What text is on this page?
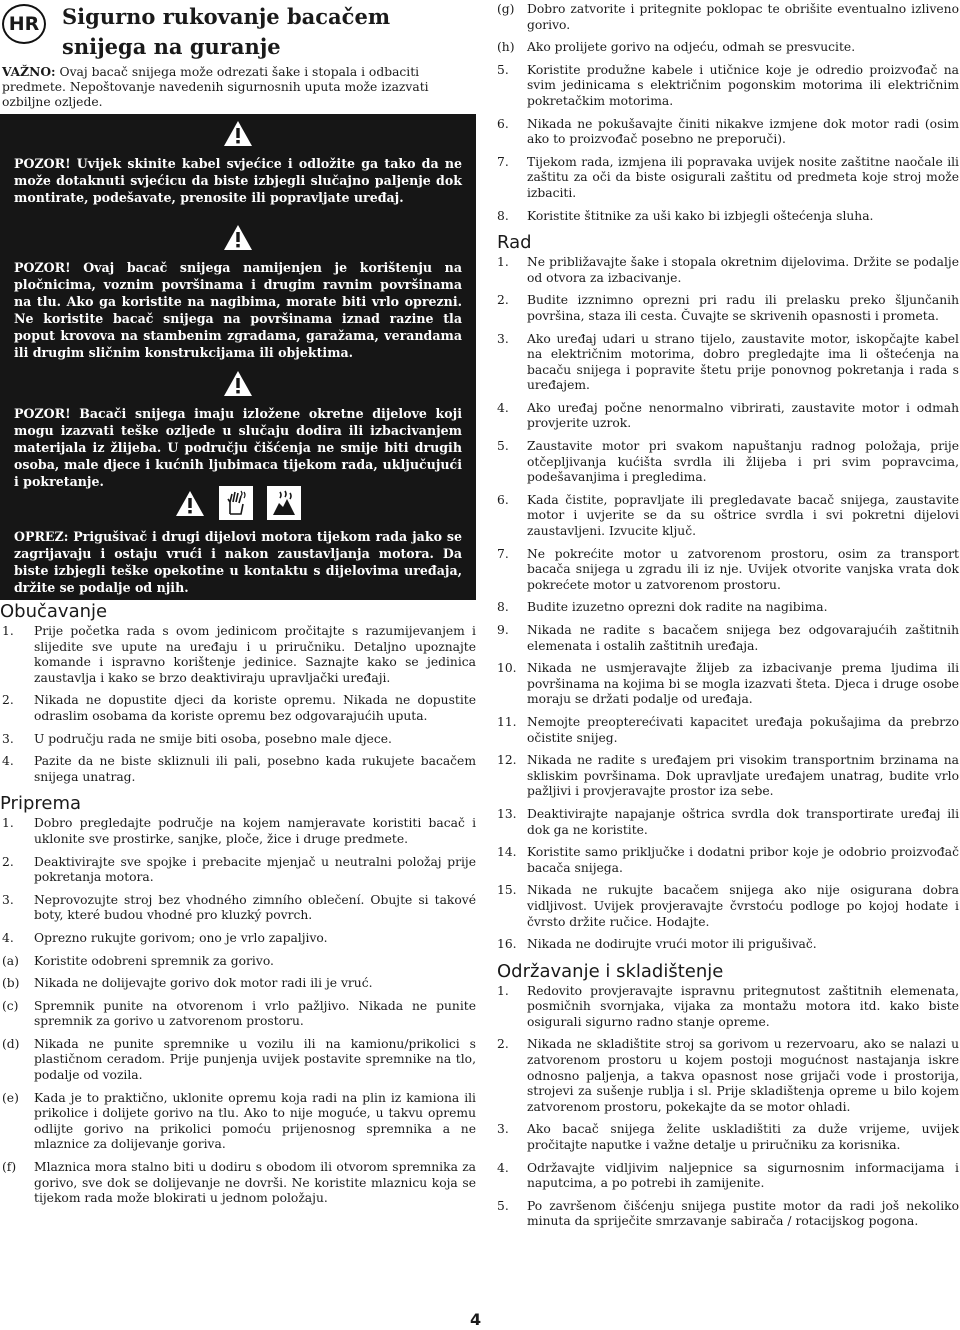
HR	Sigurno rukovanje bacačem snijega na guranje

VAŽNO: Ovaj bacač snijega može odrezati šake i stopala i odbaciti predmete. Nepoštovanje navedenih sigurnosnih uputa može izazvati ozbiljne ozljede.

POZOR! Uvijek skinite kabel svjećice i odložite ga tako da ne može dotaknuti svjećicu da biste izbjegli slučajno paljenje dok montirate, podešavate, prenosite ili popravljate uređaj.
POZOR! Ovaj bacač snijega namijenjen je korištenju na pločnicima, voznim površinama i drugim ravnim površinama na tlu. Ako ga koristite na nagibima, morate biti vrlo oprezni. Ne koristite bacač snijega na površinama iznad razine tla poput krovova na stambenim zgradama, garažama, verandama ili drugim sličnim konstrukcijama ili objektima.
POZOR! Bacači snijega imaju izložene okretne dijelove koji mogu izazvati teške ozljede u slučaju dodira ili izbacivanjem materijala iz žlijeba. U području čišćenja ne smije biti drugih osoba, male djece i kućnih ljubimaca tijekom rada, uključujući i pokretanje.
OPREZ: Prigušivač i drugi dijelovi motora tijekom rada jako se zagrijavaju i ostaju vrući i nakon zaustavljanja motora. Da biste izbjegli teške opekotine u kontaktu s dijelovima uređaja, držite se podalje od njih.
Obučavanje
1. Prije početka rada s ovom jedinicom pročitajte s razumijevanjem i slijedite sve upute na uređaju i u priručniku. Detaljno upoznajte komande i ispravno korištenje jedinice. Saznajte kako se jedinica zaustavlja i kako se brzo deaktiviraju upravljački uređaji.
2. Nikada ne dopustite djeci da koriste opremu. Nikada ne dopustite odraslim osobama da koriste opremu bez odgovarajućih uputa.
3. U području rada ne smije biti osoba, posebno male djece.
4. Pazite da ne biste skliznuli ili pali, posebno kada rukujete bacačem snijega unatrag.
Priprema
1. Dobro pregledajte područje na kojem namjeravate koristiti bacač i uklonite sve prostirke, sanjke, ploče, žice i druge predmete.
2. Deaktivirajte sve spojke i prebacite mjenjač u neutralni položaj prije pokretanja motora.
3. Neprovozujte stroj bez vhodného zimního oblečení. Obujte si takové boty, které budou vhodné pro kluzký povrch.
4. Oprezno rukujte gorivom; ono je vrlo zapaljivo.
(a) Koristite odobreni spremnik za gorivo.
(b) Nikada ne dolijevajte gorivo dok motor radi ili je vruć.
(c) Spremnik punite na otvorenom i vrlo pažljivo. Nikada ne punite spremnik za gorivo u zatvorenom prostoru.
(d) Nikada ne punite spremnike u vozilu ili na kamionu/prikolici s plastičnom ceradom. Prije punjenja uvijek postavite spremnike na tlo, podalje od vozila.
(e) Kada je to praktično, uklonite opremu koja radi na plin iz kamiona ili prikolice i dolijete gorivo na tlu. Ako to nije moguće, u takvu opremu odlijte gorivo na prikolici pomoću prijenosnog spremnika a ne mlaznice za dolijevanje goriva.
(f) Mlaznica mora stalno biti u dodiru s obodom ili otvorom spremnika za gorivo, sve dok se dolijevanje ne dovrši. Ne koristite mlaznicu koja se tijekom rada može blokirati u jednom položaju.
(g) Dobro zatvorite i pritegnite poklopac te obrišite eventualno izliveno gorivo.
(h) Ako prolijete gorivo na odjeću, odmah se presvucite.
5. Koristite produžne kabele i utičnice koje je odredio proizvođač na svim jedinicama s električnim pogonskim motorima ili električnim pokretačkim motorima.
6. Nikada ne pokušavajte činiti nikakve izmjene dok motor radi (osim ako to proizvođač posebno ne preporuči).
7. Tijekom rada, izmjena ili popravaka uvijek nosite zaštitne naočale ili zaštitu za oči da biste osigurali zaštitu od predmeta koje stroj može izbaciti.
8. Koristite štitnike za uši kako bi izbjegli oštećenja sluha.
Rad
1. Ne približavajte šake i stopala okretnim dijelovima. Držite se podalje od otvora za izbacivanje.
2. Budite izznimno oprezni pri radu ili prelasku preko šljunčanih površina, staza ili cesta. Čuvajte se skrivenih opasnosti i prometa.
3. Ako uređaj udari u strano tijelo, zaustavite motor, iskopčajte kabel na električnim motorima, dobro pregledajte ima li oštećenja na bacaču snijega i popravite štetu prije ponovnog pokretanja i rada s uređajem.
4. Ako uređaj počne nenormalno vibrirati, zaustavite motor i odmah provjerite uzrok.
5. Zaustavite motor pri svakom napuštanju radnog položaja, prije otčepljivanja kućišta svrdla ili žlijeba i pri svim popravcima, podešavanjima i pregledima.
6. Kada čistite, popravljate ili pregledavate bacač snijega, zaustavite motor i uvjerite se da su oštrice svrdla i svi pokretni dijelovi zaustavljeni. Izvucite ključ.
7. Ne pokrećite motor u zatvorenom prostoru, osim za transport bacača snijega u zgradu ili iz nje. Uvijek otvorite vanjska vrata dok pokrećete motor u zatvorenom prostoru.
8. Budite izuzetno oprezni dok radite na nagibima.
9. Nikada ne radite s bacačem snijega bez odgovarajućih zaštitnih elemenata i ostalih zaštitnih uređaja.
10. Nikada ne usmjeravajte žlijeb za izbacivanje prema ljudima ili površinama na kojima bi se mogla izazvati šteta. Djeca i druge osobe moraju se držati podalje od uređaja.
11. Nemojte preopterećivati kapacitet uređaja pokušajima da prebrzo očistite snijeg.
12. Nikada ne radite s uređajem pri visokim transportnim brzinama na skliskim površinama. Dok upravljate uređajem unatrag, budite vrlo pažljivi i provjeravajte prostor iza sebe.
13. Deaktivirajte napajanje oštrica svrdla dok transportirate uređaj ili dok ga ne koristite.
14. Koristite samo priključke i dodatni pribor koje je odobrio proizvođač bacača snijega.
15. Nikada ne rukujte bacačem snijega ako nije osigurana dobra vidljivost. Uvijek provjeravajte čvrstoću podloge po kojoj hodate i čvrsto držite ručice. Hodajte.
16. Nikada ne dodirujte vrući motor ili prigušivač.
Održavanje i skladištenje
1. Redovito provjeravajte ispravnu pritegnutost zaštitnih elemenata, posmičnih svornjaka, vijaka za montažu motora itd. kako biste osigurali sigurno radno stanje opreme.
2. Nikada ne skladištite stroj sa gorivom u rezervoaru, ako se nalazi u zatvorenom prostoru u kojem postoji mogućnost nastajanja iskre odnosno paljenja, a takva opasnost nose grijači vode i prostorija, strojevi za sušenje rublja i sl. Prije skladištenja opreme u bilo kojem zatvorenom prostoru, pokekajte da se motor ohladi.
3. Ako bacač snijega želite uskladištiti za duže vrijeme, uvijek pročitajte naputke i važne detalje u priručniku za korisnika.
4. Održavajte vidljivim naljepnice sa sigurnosnim informacijama i naputcima, a po potrebi ih zamijenite.
5. Po završenom čišćenju snijega pustite motor da radi još nekoliko minuta da spriječite smrzavanje sabirača / rotacijskog pogona.
4
